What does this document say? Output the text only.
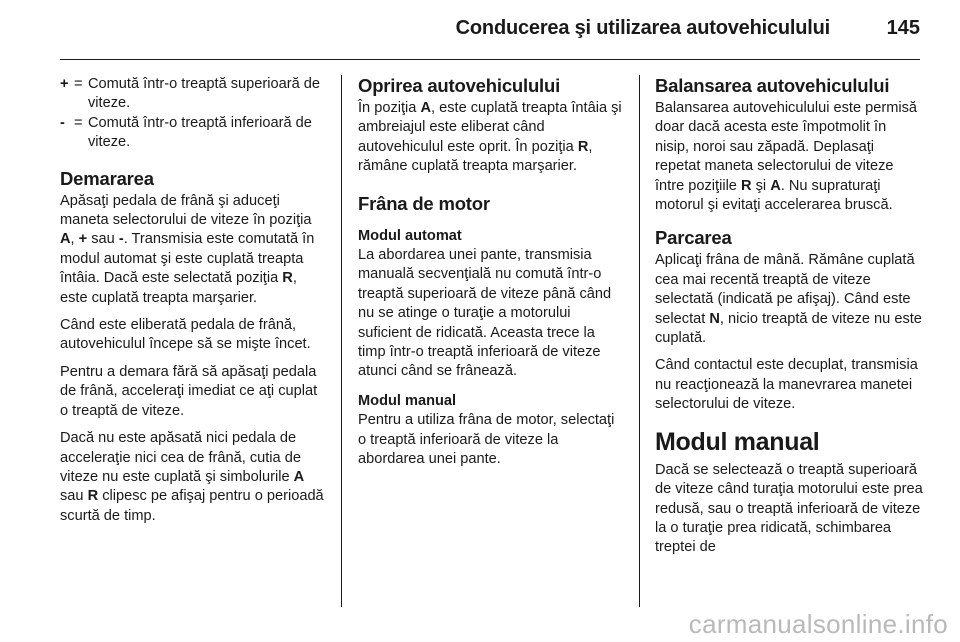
Conducerea şi utilizarea autovehiculului	145
+ = Comută într-o treaptă superioară de viteze.
- = Comută într-o treaptă inferioară de viteze.
Demararea

Apăsaţi pedala de frână şi aduceţi maneta selectorului de viteze în poziţia A, + sau -. Transmisia este comutată în modul automat şi este cuplată treapta întâia. Dacă este selectată poziţia R, este cuplată treapta marşarier.

Când este eliberată pedala de frână, autovehiculul începe să se mişte încet.

Pentru a demara fără să apăsaţi pedala de frână, acceleraţi imediat ce aţi cuplat o treaptă de viteze.

Dacă nu este apăsată nici pedala de acceleraţie nici cea de frână, cutia de viteze nu este cuplată şi simbolurile A sau R clipesc pe afişaj pentru o perioadă scurtă de timp.

Oprirea autovehiculului

În poziţia A, este cuplată treapta întâia şi ambreiajul este eliberat când autovehiculul este oprit. În poziţia R, rămâne cuplată treapta marşarier.

Frâna de motor
Modul automat

La abordarea unei pante, transmisia manuală secvenţială nu comută într-o treaptă superioară de viteze până când nu se atinge o turaţie a motorului suficient de ridicată. Aceasta trece la timp într-o treaptă inferioară de viteze atunci când se frânează.

Modul manual

Pentru a utiliza frâna de motor, selectaţi o treaptă inferioară de viteze la abordarea unei pante.

Balansarea autovehiculului

Balansarea autovehiculului este permisă doar dacă acesta este împotmolit în nisip, noroi sau zăpadă. Deplasaţi repetat maneta selectorului de viteze între poziţiile R şi A. Nu supraturaţi motorul şi evitaţi accelerarea bruscă.

Parcarea

Aplicaţi frâna de mână. Rămâne cuplată cea mai recentă treaptă de viteze selectată (indicată pe afişaj). Când este selectat N, nicio treaptă de viteze nu este cuplată.

Când contactul este decuplat, transmisia nu reacţionează la manevrarea manetei selectorului de viteze.

Modul manual

Dacă se selectează o treaptă superioară de viteze când turaţia motorului este prea redusă, sau o treaptă inferioară de viteze la o turaţie prea ridicată, schimbarea treptei de

carmanualsonline.info
